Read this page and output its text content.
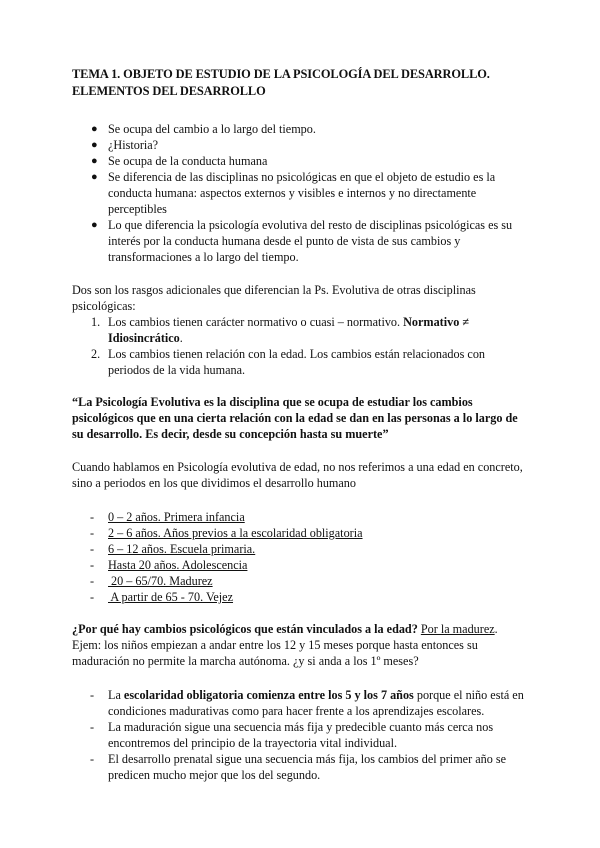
TEMA 1. OBJETO DE ESTUDIO DE LA PSICOLOGÍA DEL DESARROLLO. ELEMENTOS DEL DESARROLLO
● Se ocupa del cambio a lo largo del tiempo.
● ¿Historia?
● Se ocupa de la conducta humana
● Se diferencia de las disciplinas no psicológicas en que el objeto de estudio es la conducta humana: aspectos externos y visibles e internos y no directamente perceptibles
● Lo que diferencia la psicología evolutiva del resto de disciplinas psicológicas es su interés por la conducta humana desde el punto de vista de sus cambios y transformaciones a lo largo del tiempo.

Dos son los rasgos adicionales que diferencian la Ps. Evolutiva de otras disciplinas psicológicas:

1. Los cambios tienen carácter normativo o cuasi – normativo. Normativo ≠ Idiosincrático.
2. Los cambios tienen relación con la edad. Los cambios están relacionados con periodos de la vida humana.

“La Psicología Evolutiva es la disciplina que se ocupa de estudiar los cambios psicológicos que en una cierta relación con la edad se dan en las personas a lo largo de su desarrollo. Es decir, desde su concepción hasta su muerte”

Cuando hablamos en Psicología evolutiva de edad, no nos referimos a una edad en concreto, sino a periodos en los que dividimos el desarrollo humano

- 0 – 2 años. Primera infancia
- 2 – 6 años. Años previos a la escolaridad obligatoria
- 6 – 12 años. Escuela primaria.
- Hasta 20 años. Adolescencia
- 20 – 65/70. Madurez
- A partir de 65 - 70. Vejez

¿Por qué hay cambios psicológicos que están vinculados a la edad? Por la madurez. Ejem: los niños empiezan a andar entre los 12 y 15 meses porque hasta entonces su maduración no permite la marcha autónoma. ¿y si anda a los 1º meses?

- La escolaridad obligatoria comienza entre los 5 y los 7 años porque el niño está en condiciones madurativas como para hacer frente a los aprendizajes escolares.
- La maduración sigue una secuencia más fija y predecible cuanto más cerca nos encontremos del principio de la trayectoria vital individual.
- El desarrollo prenatal sigue una secuencia más fija, los cambios del primer año se predicen mucho mejor que los del segundo.
